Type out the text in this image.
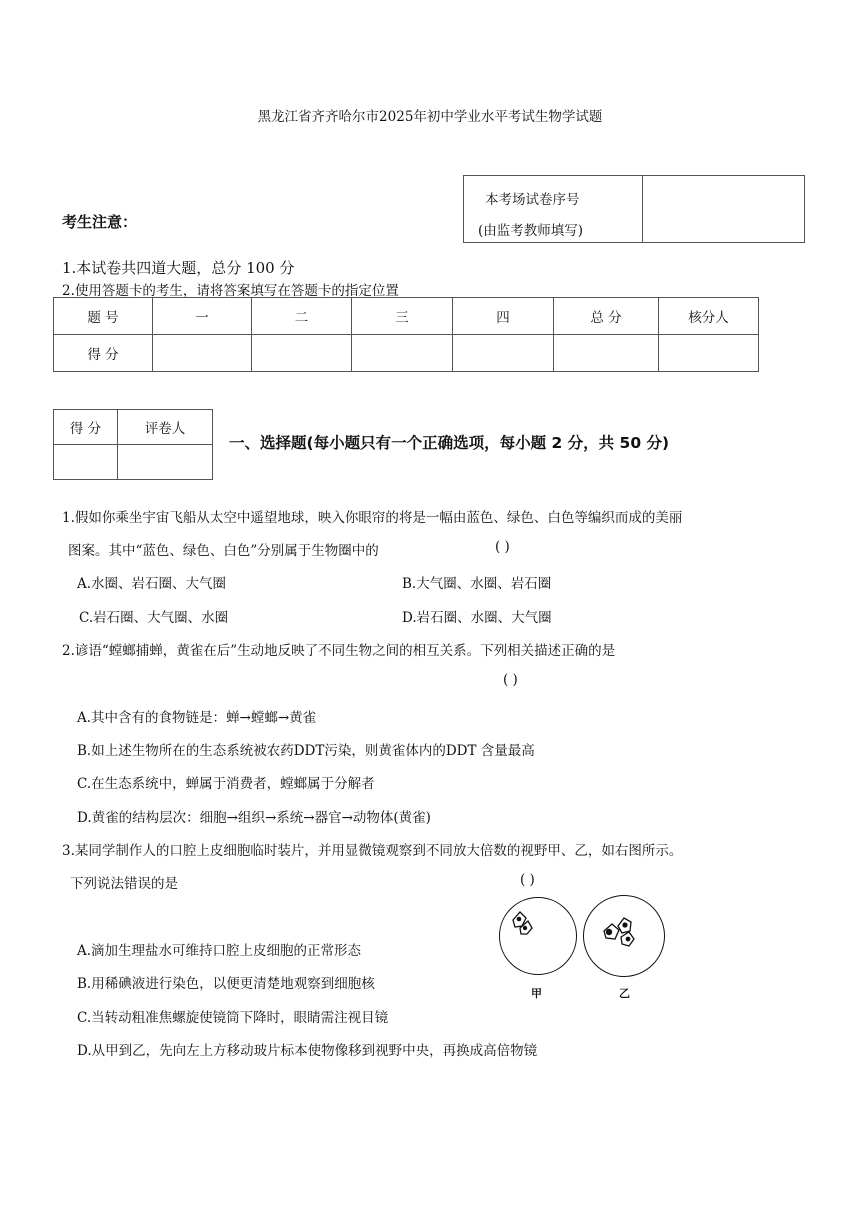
黑龙江省齐齐哈尔市2025年初中学业水平考试生物学试题
本考场试卷序号
(由监考教师填写)
考生注意：
1.本试卷共四道大题，总分 100 分
2.使用答题卡的考生，请将答案填写在答题卡的指定位置
题 号	一	二	三	四	总 分	核分人
得 分						
得 分	评卷人

一、选择题(每小题只有一个正确选项，每小题 2 分，共 50 分)
1.假如你乘坐宇宙飞船从太空中遥望地球，映入你眼帘的将是一幅由蓝色、绿色、白色等编织而成的美丽
图案。其中“蓝色、绿色、白色”分别属于生物圈中的	( )
A.水圈、岩石圈、大气圈	B.大气圈、水圈、岩石圈
C.岩石圈、大气圈、水圈	D.岩石圈、水圈、大气圈
2.谚语“螳螂捕蝉，黄雀在后”生动地反映了不同生物之间的相互关系。下列相关描述正确的是
( )
A.其中含有的食物链是：蝉→螳螂→黄雀
B.如上述生物所在的生态系统被农药DDT污染，则黄雀体内的DDT 含量最高
C.在生态系统中，蝉属于消费者，螳螂属于分解者
D.黄雀的结构层次：细胞→组织→系统→器官→动物体(黄雀)
3.某同学制作人的口腔上皮细胞临时装片，并用显微镜观察到不同放大倍数的视野甲、乙，如右图所示。
下列说法错误的是	( )
A.滴加生理盐水可维持口腔上皮细胞的正常形态
B.用稀碘液进行染色，以便更清楚地观察到细胞核
C.当转动粗准焦螺旋使镜筒下降时，眼睛需注视目镜
D.从甲到乙，先向左上方移动玻片标本使物像移到视野中央，再换成高倍物镜
甲	乙
